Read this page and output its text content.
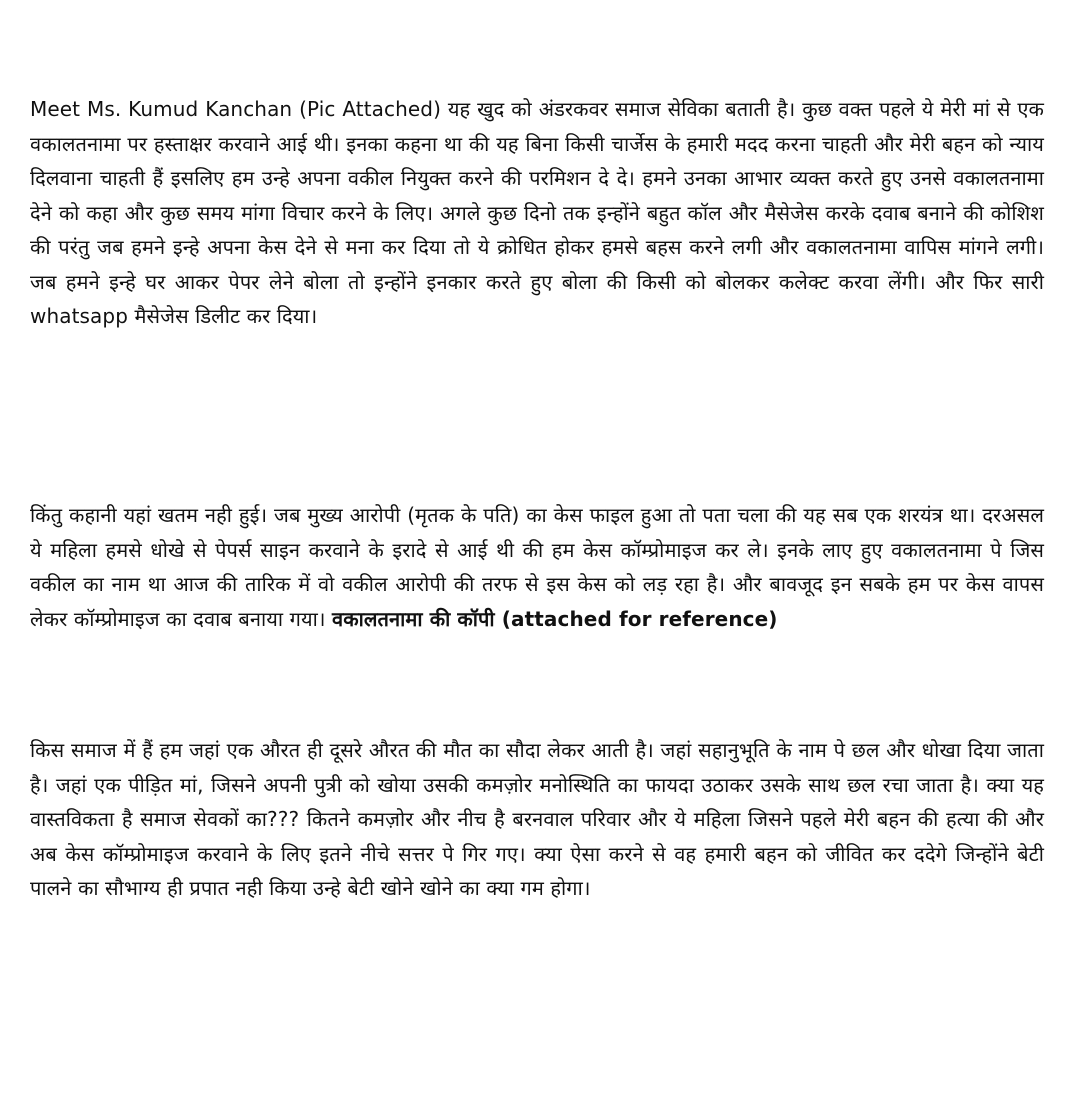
Meet Ms. Kumud Kanchan (Pic Attached) यह खुद को अंडरकवर समाज सेविका बताती है। कुछ वक्त पहले ये मेरी मां से एक वकालतनामा पर हस्ताक्षर करवाने आई थी। इनका कहना था की यह बिना किसी चार्जेस के हमारी मदद करना चाहती और मेरी बहन को न्याय दिलवाना चाहती हैं इसलिए हम उन्हे अपना वकील नियुक्त करने की परमिशन दे दे। हमने उनका आभार व्यक्त करते हुए उनसे वकालतनामा देने को कहा और कुछ समय मांगा विचार करने के लिए। अगले कुछ दिनो तक इन्होंने बहुत कॉल और मैसेजेस करके दवाब बनाने की कोशिश की परंतु जब हमने इन्हे अपना केस देने से मना कर दिया तो ये क्रोधित होकर हमसे बहस करने लगी और वकालतनामा वापिस मांगने लगी। जब हमने इन्हे घर आकर पेपर लेने बोला तो इन्होंने इनकार करते हुए बोला की किसी को बोलकर कलेक्ट करवा लेंगी। और फिर सारी whatsapp मैसेजेस डिलीट कर दिया।

किंतु कहानी यहां खतम नही हुई। जब मुख्य आरोपी (मृतक के पति) का केस फाइल हुआ तो पता चला की यह सब एक शरयंत्र था। दरअसल ये महिला हमसे धोखे से पेपर्स साइन करवाने के इरादे से आई थी की हम केस कॉम्प्रोमाइज कर ले। इनके लाए हुए वकालतनामा पे जिस वकील का नाम था आज की तारिक में वो वकील आरोपी की तरफ से इस केस को लड़ रहा है। और बावजूद इन सबके हम पर केस वापस लेकर कॉम्प्रोमाइज का दवाब बनाया गया। वकालतनामा की कॉपी (attached for reference)

किस समाज में हैं हम जहां एक औरत ही दूसरे औरत की मौत का सौदा लेकर आती है। जहां सहानुभूति के नाम पे छल और धोखा दिया जाता है। जहां एक पीड़ित मां, जिसने अपनी पुत्री को खोया उसकी कमज़ोर मनोस्थिति का फायदा उठाकर उसके साथ छल रचा जाता है। क्या यह वास्तविकता है समाज सेवकों का??? कितने कमज़ोर और नीच है बरनवाल परिवार और ये महिला जिसने पहले मेरी बहन की हत्या की और अब केस कॉम्प्रोमाइज करवाने के लिए इतने नीचे सत्तर पे गिर गए। क्या ऐसा करने से वह हमारी बहन को जीवित कर ददेगे जिन्होंने बेटी पालने का सौभाग्य ही प्रपात नही किया उन्हे बेटी खोने खोने का क्या गम होगा।
